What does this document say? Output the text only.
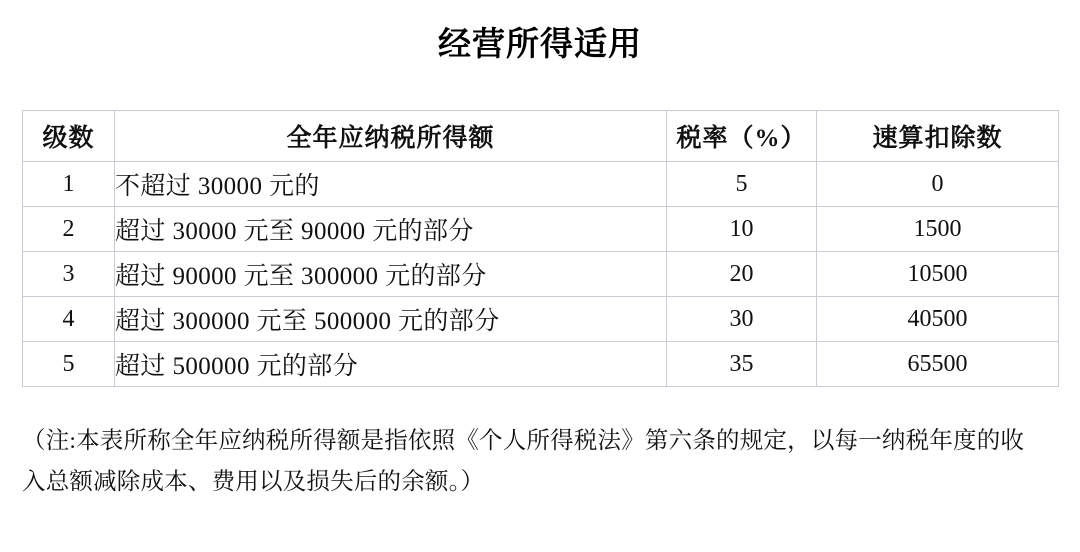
经营所得适用
级数	全年应纳税所得额	税率（%）	速算扣除数
1	不超过 30000 元的	5	0
2	超过 30000 元至 90000 元的部分	10	1500
3	超过 90000 元至 300000 元的部分	20	10500
4	超过 300000 元至 500000 元的部分	30	40500
5	超过 500000 元的部分	35	65500
（注:本表所称全年应纳税所得额是指依照《个人所得税法》第六条的规定，以每一纳税年度的收入总额减除成本、费用以及损失后的余额。）
